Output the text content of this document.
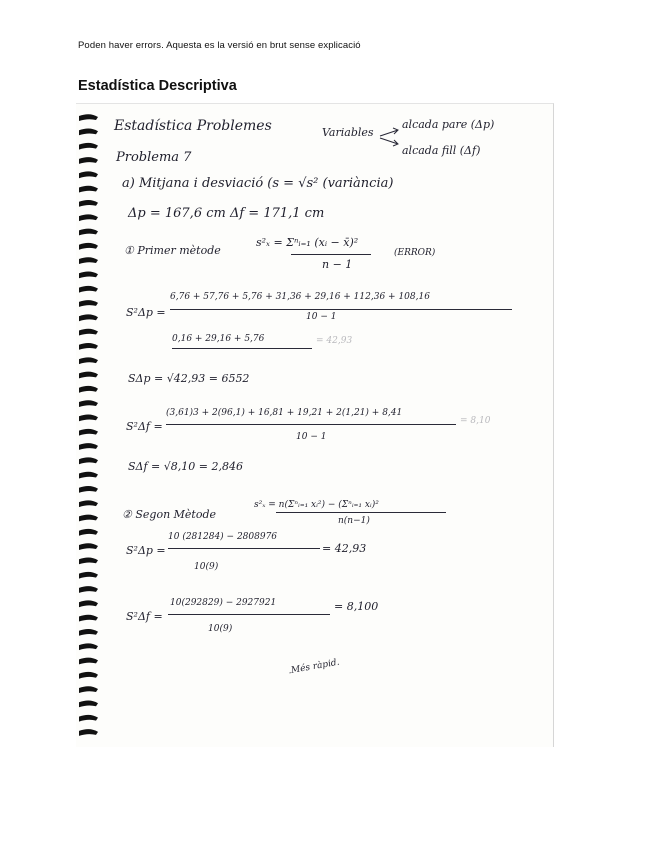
Poden haver errors. Aquesta es la versió en brut sense explicació
Estadística Descriptiva
Estadística Problemes	Variables
alcada pare (Δp)
alcada fill (Δf)
Problema 7
a) Mitjana i desviació (s = √s² (variància)
Δp = 167,6 cm Δf = 171,1 cm
① Primer mètode
s²ₓ = Σⁿᵢ₌₁ (xᵢ − x̄)²
n − 1
(ERROR)
S²Δp =
6,76 + 57,76 + 5,76 + 31,36 + 29,16 + 112,36 + 108,16
10 − 1
0,16 + 29,16 + 5,76	= 42,93
SΔp = √42,93 = 6552
S²Δf =
(3,61)3 + 2(96,1) + 16,81 + 19,21 + 2(1,21) + 8,41
10 − 1
= 8,10
SΔf = √8,10 = 2,846
② Segon Mètode
s²ₓ = n(Σⁿᵢ₌₁ xᵢ²) − (Σⁿᵢ₌₁ xᵢ)²
n(n−1)
S²Δp =
10 (281284) − 2808976
10(9)
= 42,93
S²Δf =
10(292829) − 2927921
10(9)
= 8,100
.Més ràpid.
